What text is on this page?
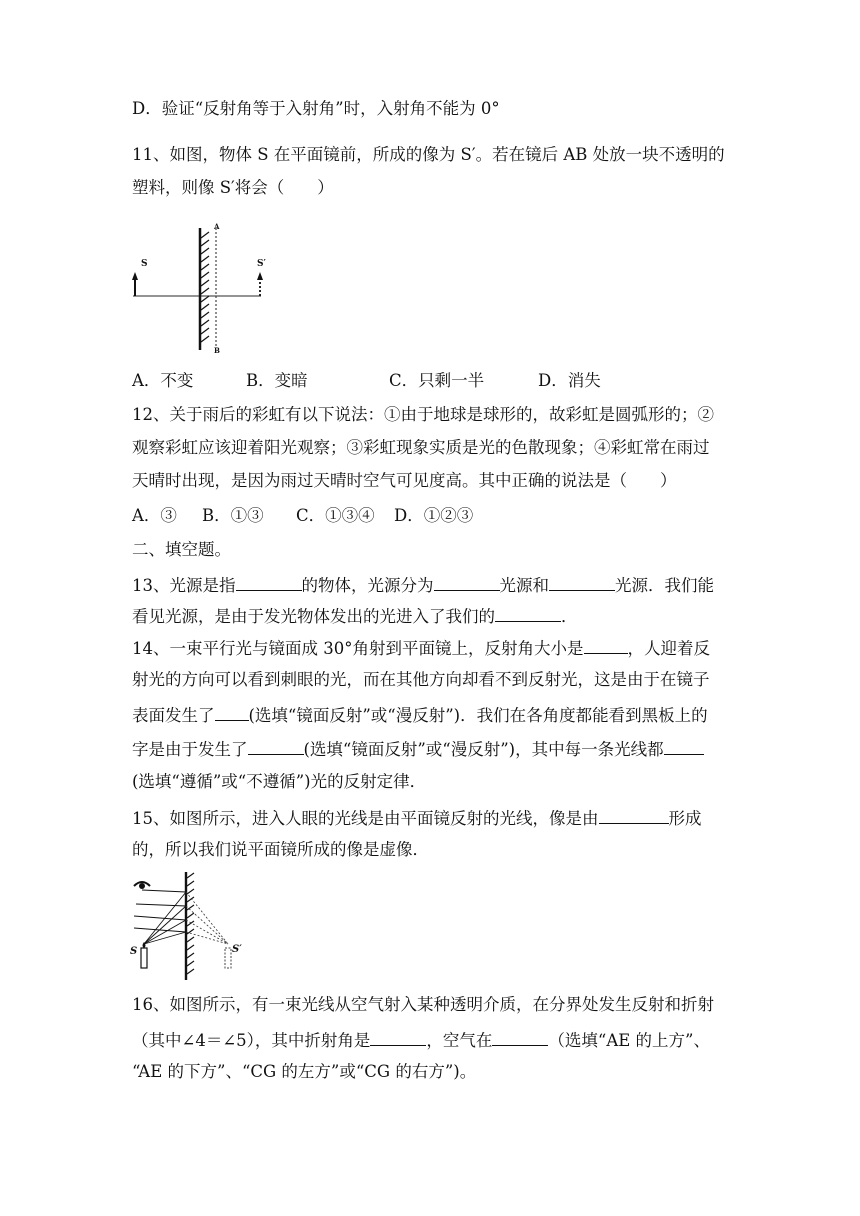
D．验证“反射角等于入射角”时，入射角不能为 0°
11、如图，物体 S 在平面镜前，所成的像为 S′。若在镜后 AB 处放一块不透明的
塑料，则像 S′将会（　　）
S	S′
A
B
A．不变	B．变暗	C．只剩一半	D．消失
12、关于雨后的彩虹有以下说法：①由于地球是球形的，故彩虹是圆弧形的；②
观察彩虹应该迎着阳光观察；③彩虹现象实质是光的色散现象；④彩虹常在雨过
天晴时出现，是因为雨过天晴时空气可见度高。其中正确的说法是（　　）
A．③ B．①③ C．①③④ D．①②③
二、填空题。
13、光源是指	的物体，光源分为	光源和	光源．我们能
看见光源，是由于发光物体发出的光进入了我们的	．
14、一束平行光与镜面成 30°角射到平面镜上，反射角大小是	，人迎着反
射光的方向可以看到刺眼的光，而在其他方向却看不到反射光，这是由于在镜子
表面发生了 (选填“镜面反射”或“漫反射”)．我们在各角度都能看到黑板上的
字是由于发生了	(选填“镜面反射”或“漫反射”)，其中每一条光线都
(选填“遵循”或“不遵循”)光的反射定律．
15、如图所示，进入人眼的光线是由平面镜反射的光线，像是由	形成
的，所以我们说平面镜所成的像是虚像．
S	S′
16、如图所示，有一束光线从空气射入某种透明介质，在分界处发生反射和折射
（其中∠4＝∠5），其中折射角是	，空气在	（选填“AE 的上方”、
“AE 的下方”、“CG 的左方”或“CG 的右方”)。
